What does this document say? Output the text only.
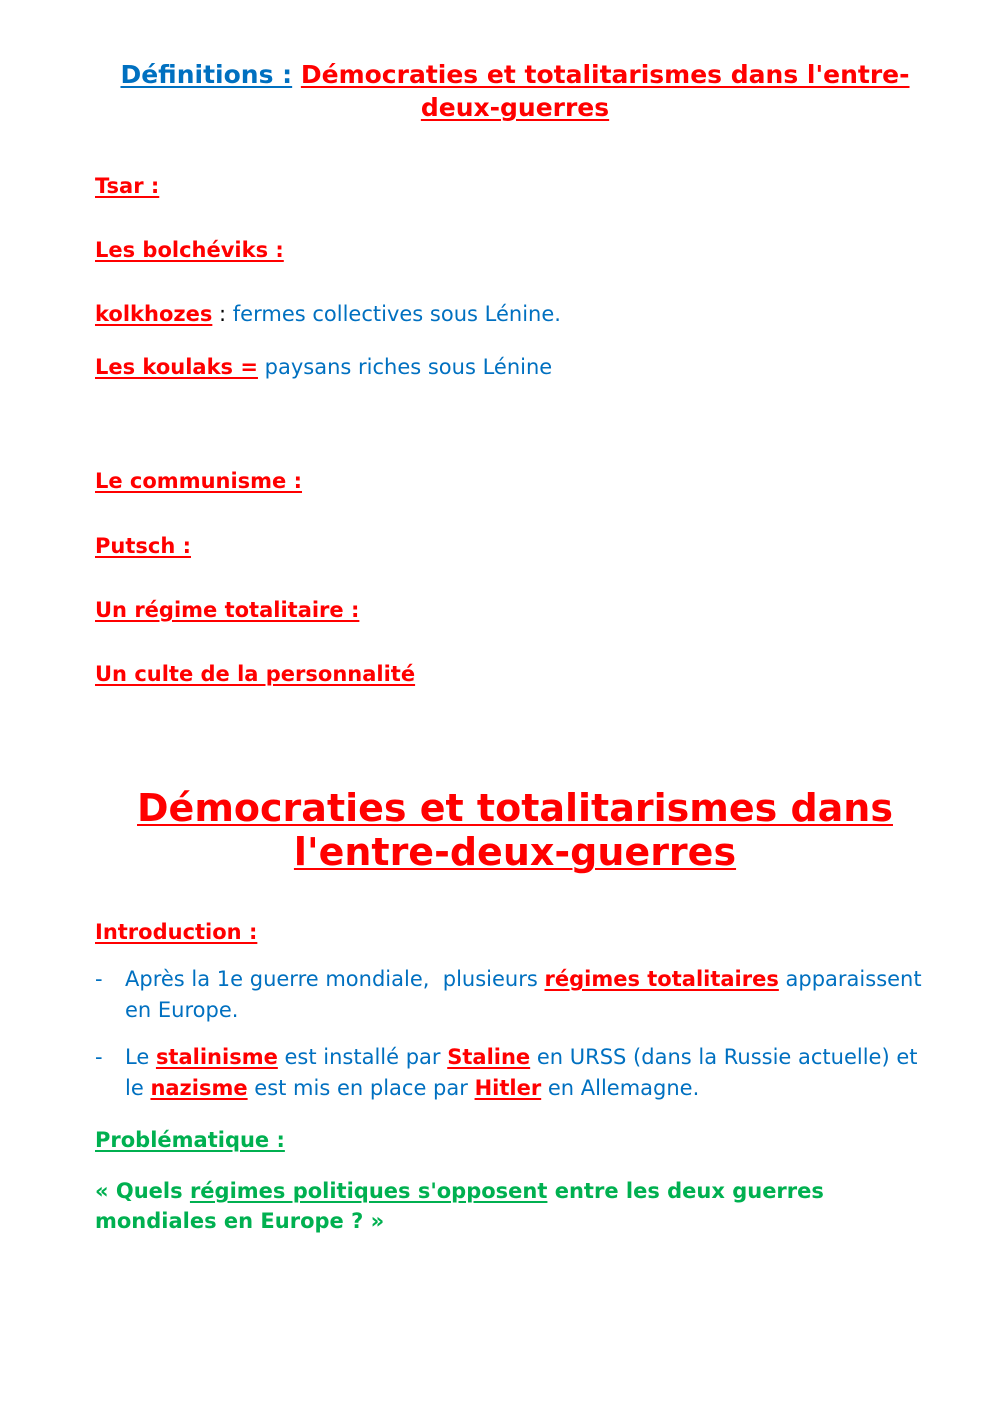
Définitions : Démocraties et totalitarismes dans l'entre-deux-guerres
Tsar :
Les bolchéviks :
kolkhozes : fermes collectives sous Lénine.
Les koulaks = paysans riches sous Lénine
Le communisme :
Putsch :
Un régime totalitaire :
Un culte de la personnalité
Démocraties et totalitarismes dans l'entre-deux-guerres
Introduction :
- Après la 1e guerre mondiale,  plusieurs régimes totalitaires apparaissent en Europe.
- Le stalinisme est installé par Staline en URSS (dans la Russie actuelle) et le nazisme est mis en place par Hitler en Allemagne.
Problématique :
« Quels régimes politiques s'opposent entre les deux guerres mondiales en Europe ? »
